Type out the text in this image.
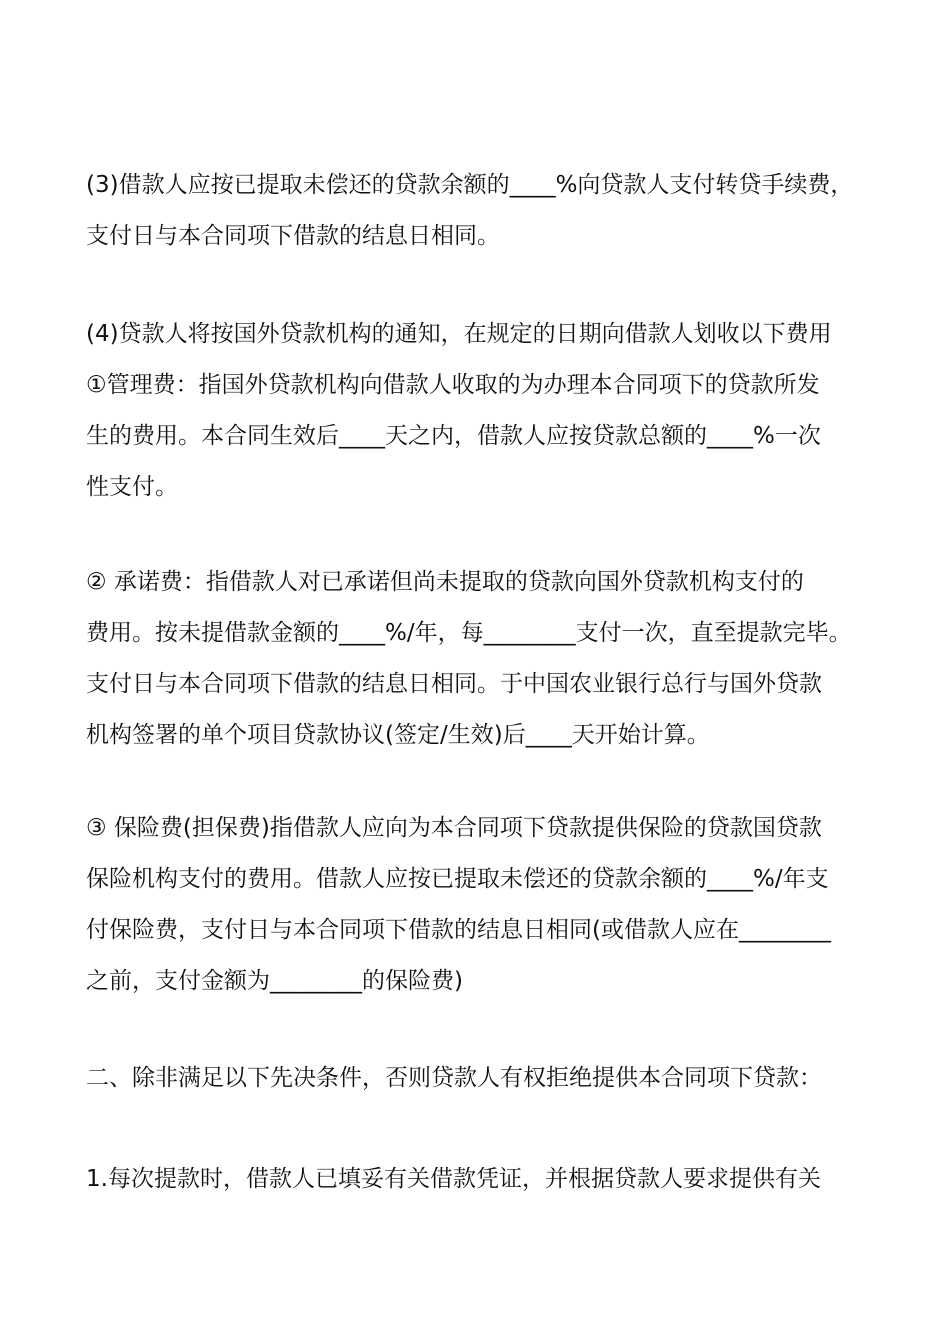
(3)借款人应按已提取未偿还的贷款余额的____%向贷款人支付转贷手续费，
支付日与本合同项下借款的结息日相同。
(4)贷款人将按国外贷款机构的通知，在规定的日期向借款人划收以下费用
①管理费：指国外贷款机构向借款人收取的为办理本合同项下的贷款所发
生的费用。本合同生效后____天之内，借款人应按贷款总额的____%一次
性支付。
② 承诺费：指借款人对已承诺但尚未提取的贷款向国外贷款机构支付的
费用。按未提借款金额的____%/年，每________支付一次，直至提款完毕。
支付日与本合同项下借款的结息日相同。于中国农业银行总行与国外贷款
机构签署的单个项目贷款协议(签定/生效)后____天开始计算。
③ 保险费(担保费)指借款人应向为本合同项下贷款提供保险的贷款国贷款
保险机构支付的费用。借款人应按已提取未偿还的贷款余额的____%/年支
付保险费，支付日与本合同项下借款的结息日相同(或借款人应在________
之前，支付金额为________的保险费)
二、除非满足以下先决条件，否则贷款人有权拒绝提供本合同项下贷款：
1.每次提款时，借款人已填妥有关借款凭证，并根据贷款人要求提供有关
